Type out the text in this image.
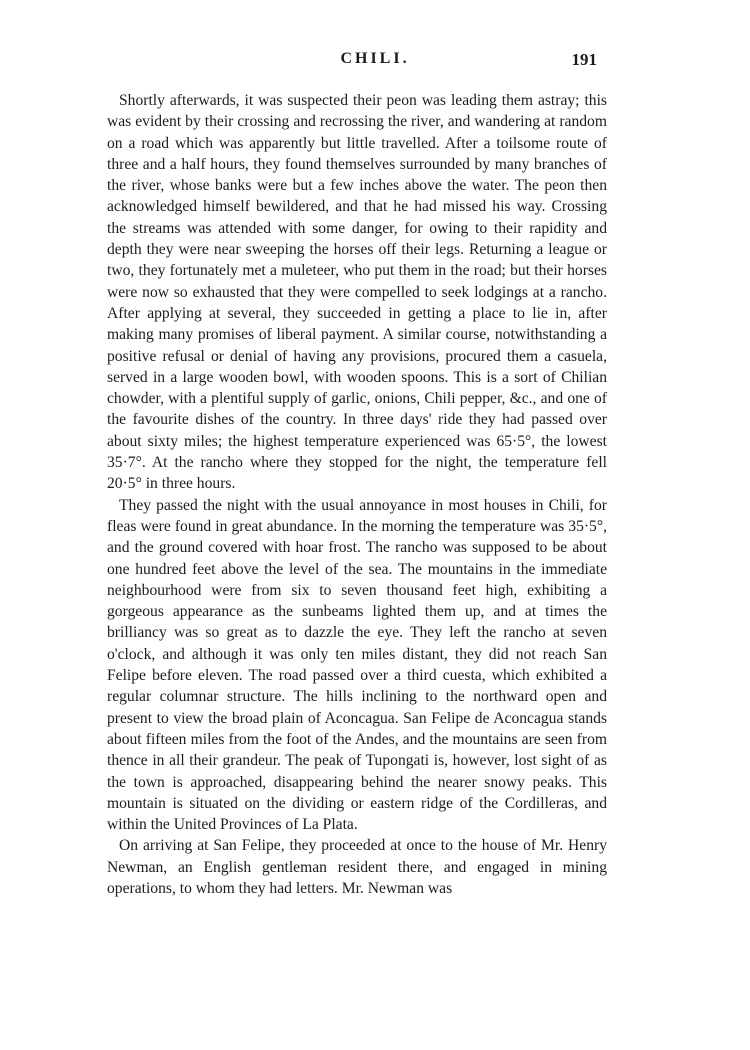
CHILI.	191

Shortly afterwards, it was suspected their peon was leading them astray; this was evident by their crossing and recrossing the river, and wandering at random on a road which was apparently but little travelled. After a toilsome route of three and a half hours, they found themselves surrounded by many branches of the river, whose banks were but a few inches above the water. The peon then acknowledged himself bewildered, and that he had missed his way. Crossing the streams was attended with some danger, for owing to their rapidity and depth they were near sweeping the horses off their legs. Returning a league or two, they fortunately met a muleteer, who put them in the road; but their horses were now so exhausted that they were compelled to seek lodgings at a rancho. After applying at several, they succeeded in getting a place to lie in, after making many promises of liberal payment. A similar course, notwithstanding a positive refusal or denial of having any provisions, procured them a casuela, served in a large wooden bowl, with wooden spoons. This is a sort of Chilian chowder, with a plentiful supply of garlic, onions, Chili pepper, &c., and one of the favourite dishes of the country. In three days' ride they had passed over about sixty miles; the highest temperature experienced was 65·5°, the lowest 35·7°. At the rancho where they stopped for the night, the temperature fell 20·5° in three hours.

They passed the night with the usual annoyance in most houses in Chili, for fleas were found in great abundance. In the morning the temperature was 35·5°, and the ground covered with hoar frost. The rancho was supposed to be about one hundred feet above the level of the sea. The mountains in the immediate neighbourhood were from six to seven thousand feet high, exhibiting a gorgeous appearance as the sunbeams lighted them up, and at times the brilliancy was so great as to dazzle the eye. They left the rancho at seven o'clock, and although it was only ten miles distant, they did not reach San Felipe before eleven. The road passed over a third cuesta, which exhibited a regular columnar structure. The hills inclining to the northward open and present to view the broad plain of Aconcagua. San Felipe de Aconcagua stands about fifteen miles from the foot of the Andes, and the mountains are seen from thence in all their grandeur. The peak of Tupongati is, however, lost sight of as the town is approached, disappearing behind the nearer snowy peaks. This mountain is situated on the dividing or eastern ridge of the Cordilleras, and within the United Provinces of La Plata.

On arriving at San Felipe, they proceeded at once to the house of Mr. Henry Newman, an English gentleman resident there, and engaged in mining operations, to whom they had letters. Mr. Newman was
